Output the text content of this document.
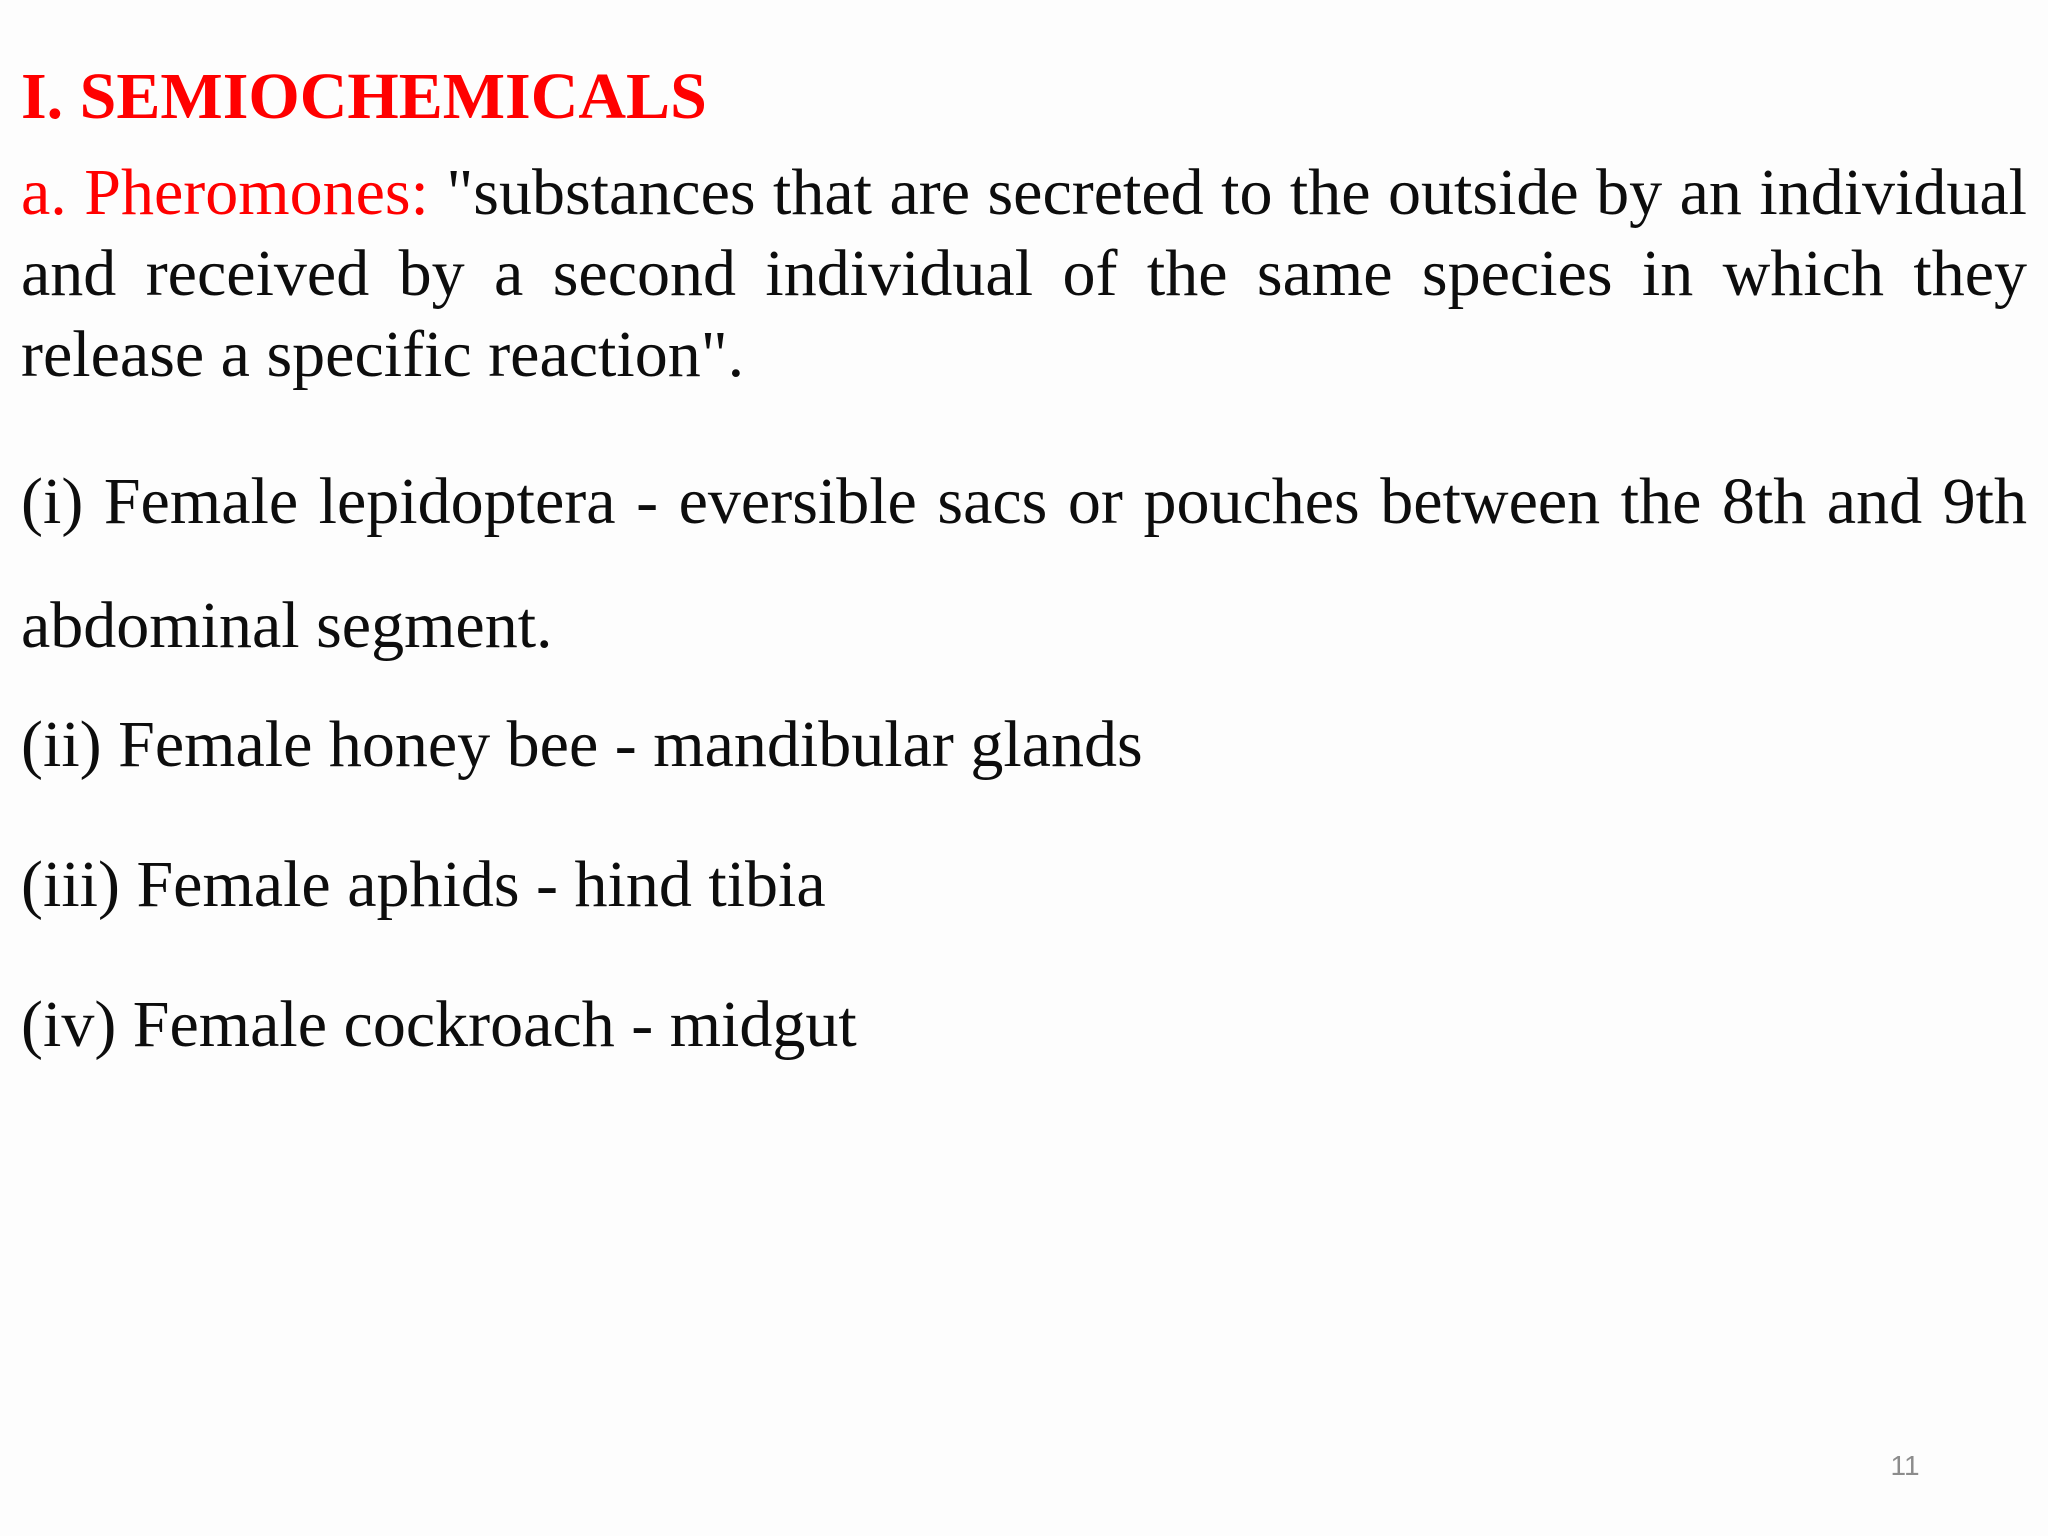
I. SEMIOCHEMICALS

a. Pheromones: "substances that are secreted to the outside by an individual and received by a second individual of the same species in which they release a specific reaction".

(i) Female lepidoptera - eversible sacs or pouches between the 8th and 9th abdominal segment.

(ii) Female honey bee - mandibular glands

(iii) Female aphids - hind tibia

(iv) Female cockroach - midgut

11
